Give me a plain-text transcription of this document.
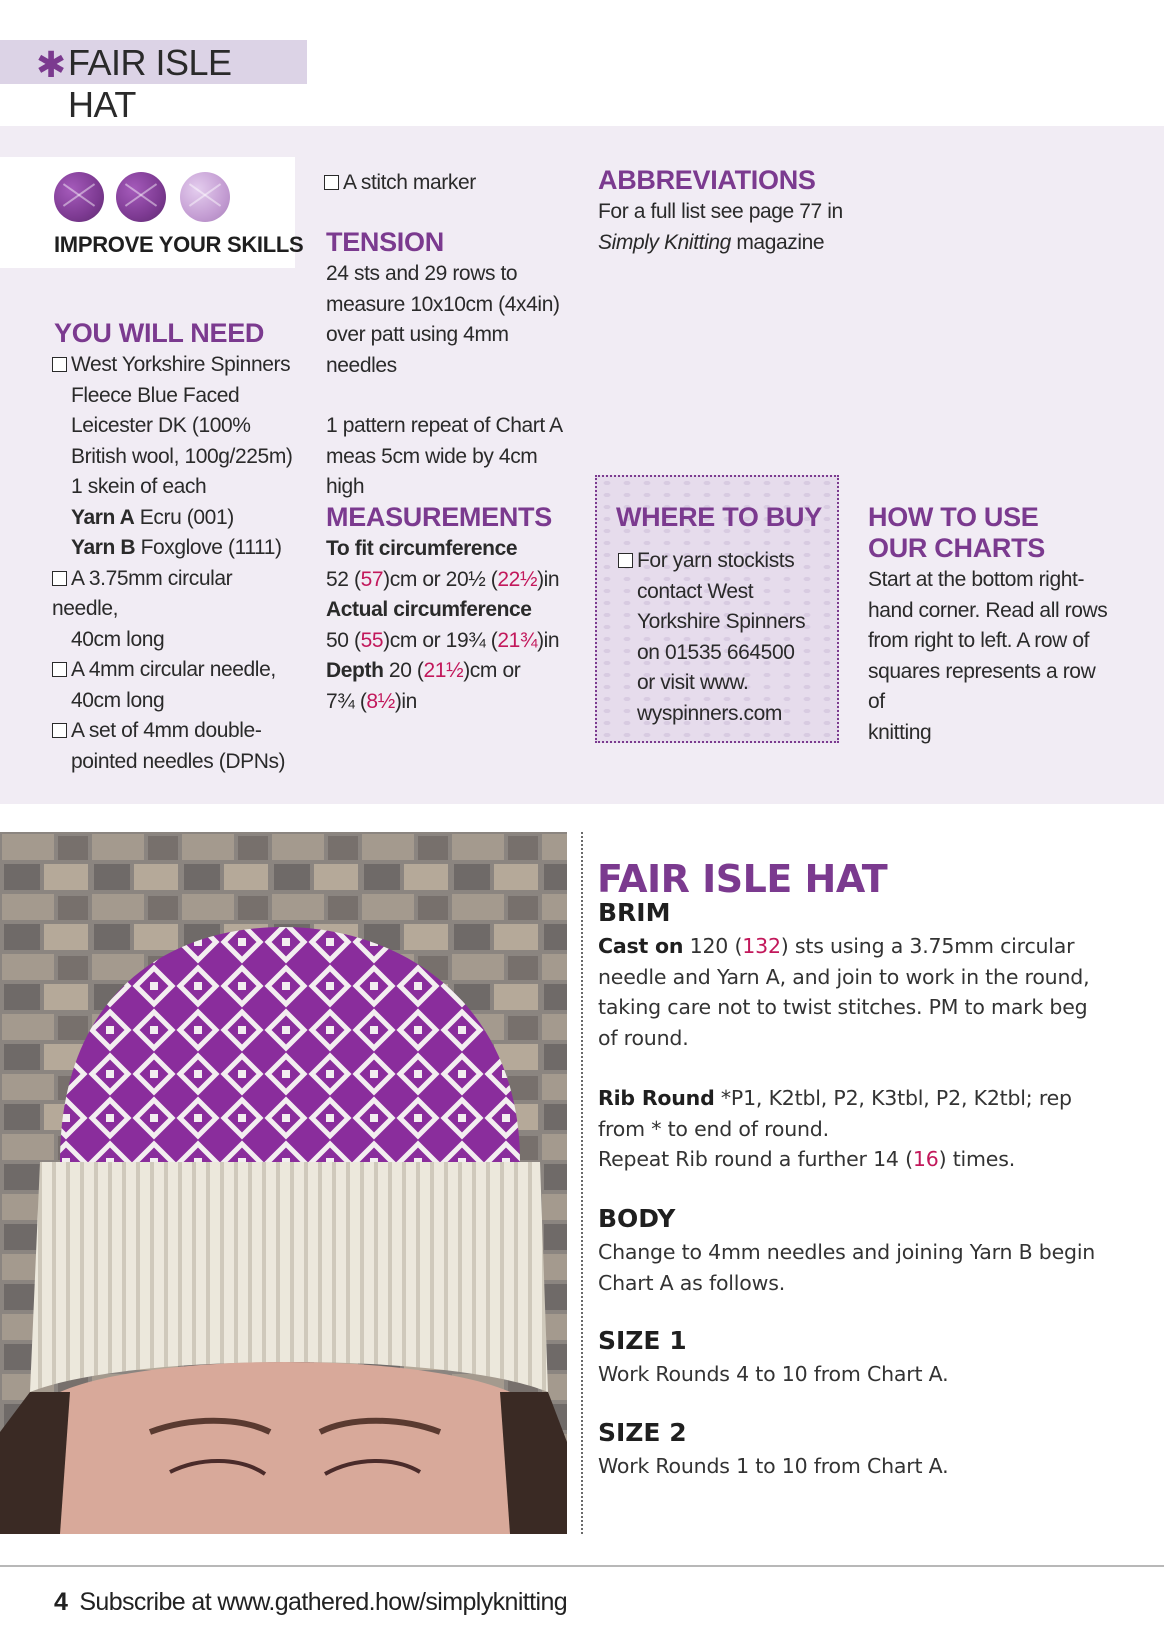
✱ FAIR ISLE HAT
IMPROVE YOUR SKILLS
YOU WILL NEED
West Yorkshire Spinners
Fleece Blue Faced
Leicester DK (100%
British wool, 100g/225m)
1 skein of each
Yarn A Ecru (001)
Yarn B Foxglove (1111)
A 3.75mm circular needle,
40cm long
A 4mm circular needle,
40cm long
A set of 4mm double-
pointed needles (DPNs)
A stitch marker
TENSION
24 sts and 29 rows to
measure 10x10cm (4x4in)
over patt using 4mm
needles
1 pattern repeat of Chart A
meas 5cm wide by 4cm high
MEASUREMENTS
To fit circumference
52 (57)cm or 20½ (22½)in
Actual circumference
50 (55)cm or 19¾ (21¾)in
Depth 20 (21½)cm or
7¾ (8½)in
ABBREVIATIONS
For a full list see page 77 in
Simply Knitting magazine
WHERE TO BUY
For yarn stockists
contact West
Yorkshire Spinners
on 01535 664500
or visit www.
wyspinners.com
HOW TO USE
OUR CHARTS
Start at the bottom right-
hand corner. Read all rows
from right to left. A row of
squares represents a row of
knitting
FAIR ISLE HAT
BRIM
Cast on 120 (132) sts using a 3.75mm circular
needle and Yarn A, and join to work in the round,
taking care not to twist stitches. PM to mark beg
of round.
Rib Round *P1, K2tbl, P2, K3tbl, P2, K2tbl; rep
from * to end of round.
Repeat Rib round a further 14 (16) times.
BODY
Change to 4mm needles and joining Yarn B begin
Chart A as follows.
SIZE 1
Work Rounds 4 to 10 from Chart A.
SIZE 2
Work Rounds 1 to 10 from Chart A.
4 Subscribe at www.gathered.how/simplyknitting
